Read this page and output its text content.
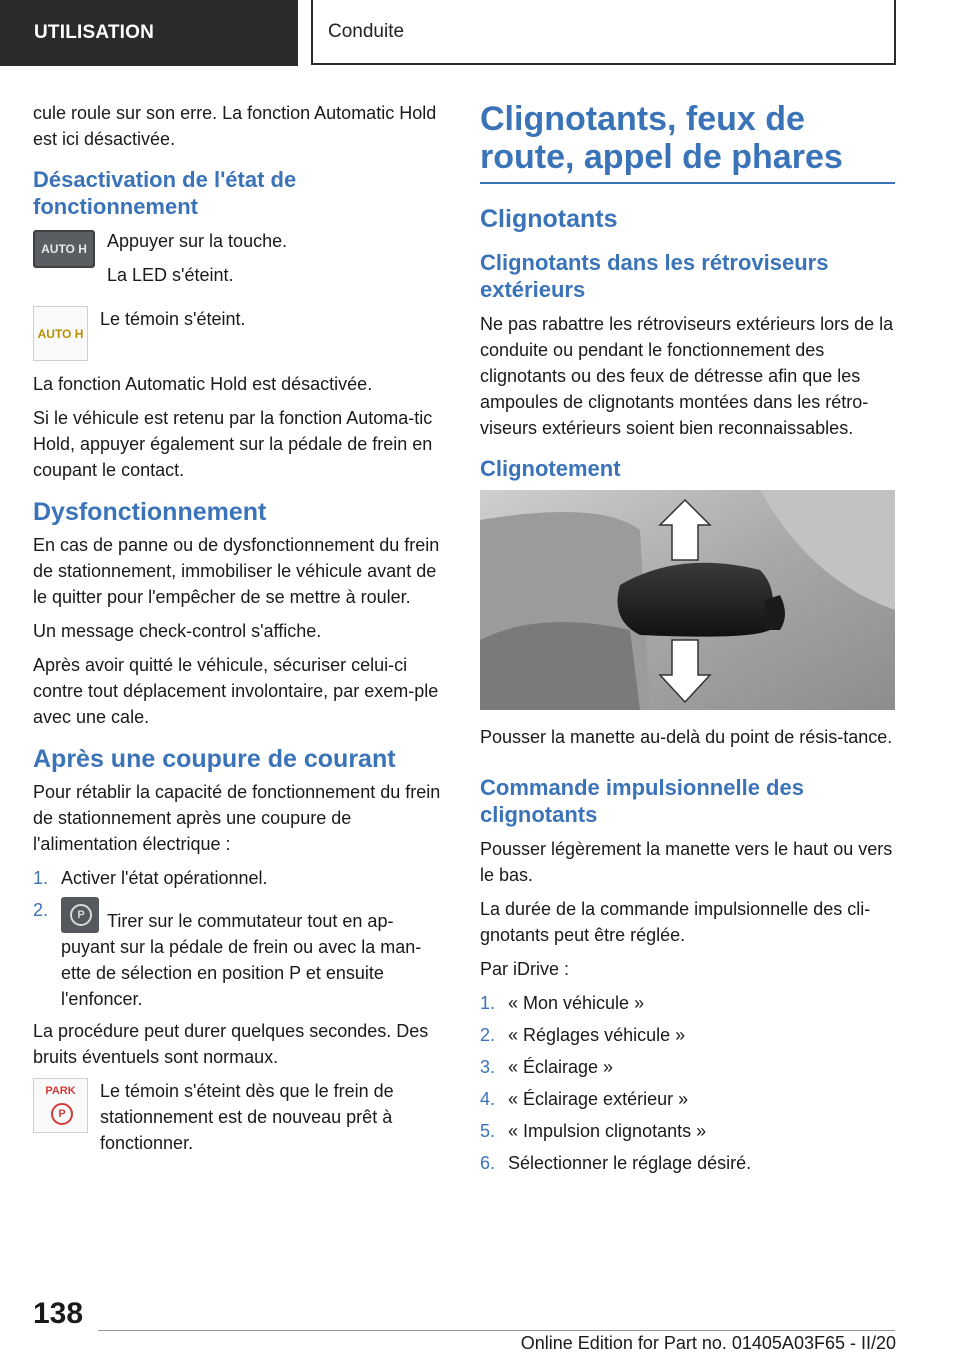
UTILISATION	Conduite

cule roule sur son erre. La fonction Automatic Hold est ici désactivée.

Désactivation de l'état de fonctionnement
AUTO H	Appuyer sur la touche.

La LED s'éteint.

AUTO H

Le témoin s'éteint.

La fonction Automatic Hold est désactivée.

Si le véhicule est retenu par la fonction Automa-tic Hold, appuyer également sur la pédale de frein en coupant le contact.

Dysfonctionnement

En cas de panne ou de dysfonctionnement du frein de stationnement, immobiliser le véhicule avant de le quitter pour l'empêcher de se mettre à rouler.

Un message check-control s'affiche.

Après avoir quitté le véhicule, sécuriser celui-ci contre tout déplacement involontaire, par exem-ple avec une cale.

Après une coupure de courant

Pour rétablir la capacité de fonctionnement du frein de stationnement après une coupure de l'alimentation électrique :

1. Activer l'état opérationnel.
2.
PTirer sur le commutateur tout en ap-puyant sur la pédale de frein ou avec la man-ette de sélection en position P et ensuite l'enfoncer.

La procédure peut durer quelques secondes. Des bruits éventuels sont normaux.

PARK
P

Le témoin s'éteint dès que le frein de stationnement est de nouveau prêt à fonctionner.

Clignotants, feux de route, appel de phares
Clignotants
Clignotants dans les rétroviseurs extérieurs

Ne pas rabattre les rétroviseurs extérieurs lors de la conduite ou pendant le fonctionnement des clignotants ou des feux de détresse afin que les ampoules de clignotants montées dans les rétro-viseurs extérieurs soient bien reconnaissables.

Clignotement

Pousser la manette au-delà du point de résis-tance.

Commande impulsionnelle des clignotants

Pousser légèrement la manette vers le haut ou vers le bas.

La durée de la commande impulsionnelle des cli-gnotants peut être réglée.

Par iDrive :

1. « Mon véhicule »
2. « Réglages véhicule »
3. « Éclairage »
4. « Éclairage extérieur »
5. « Impulsion clignotants »
6. Sélectionner le réglage désiré.
138
Online Edition for Part no. 01405A03F65 - II/20
